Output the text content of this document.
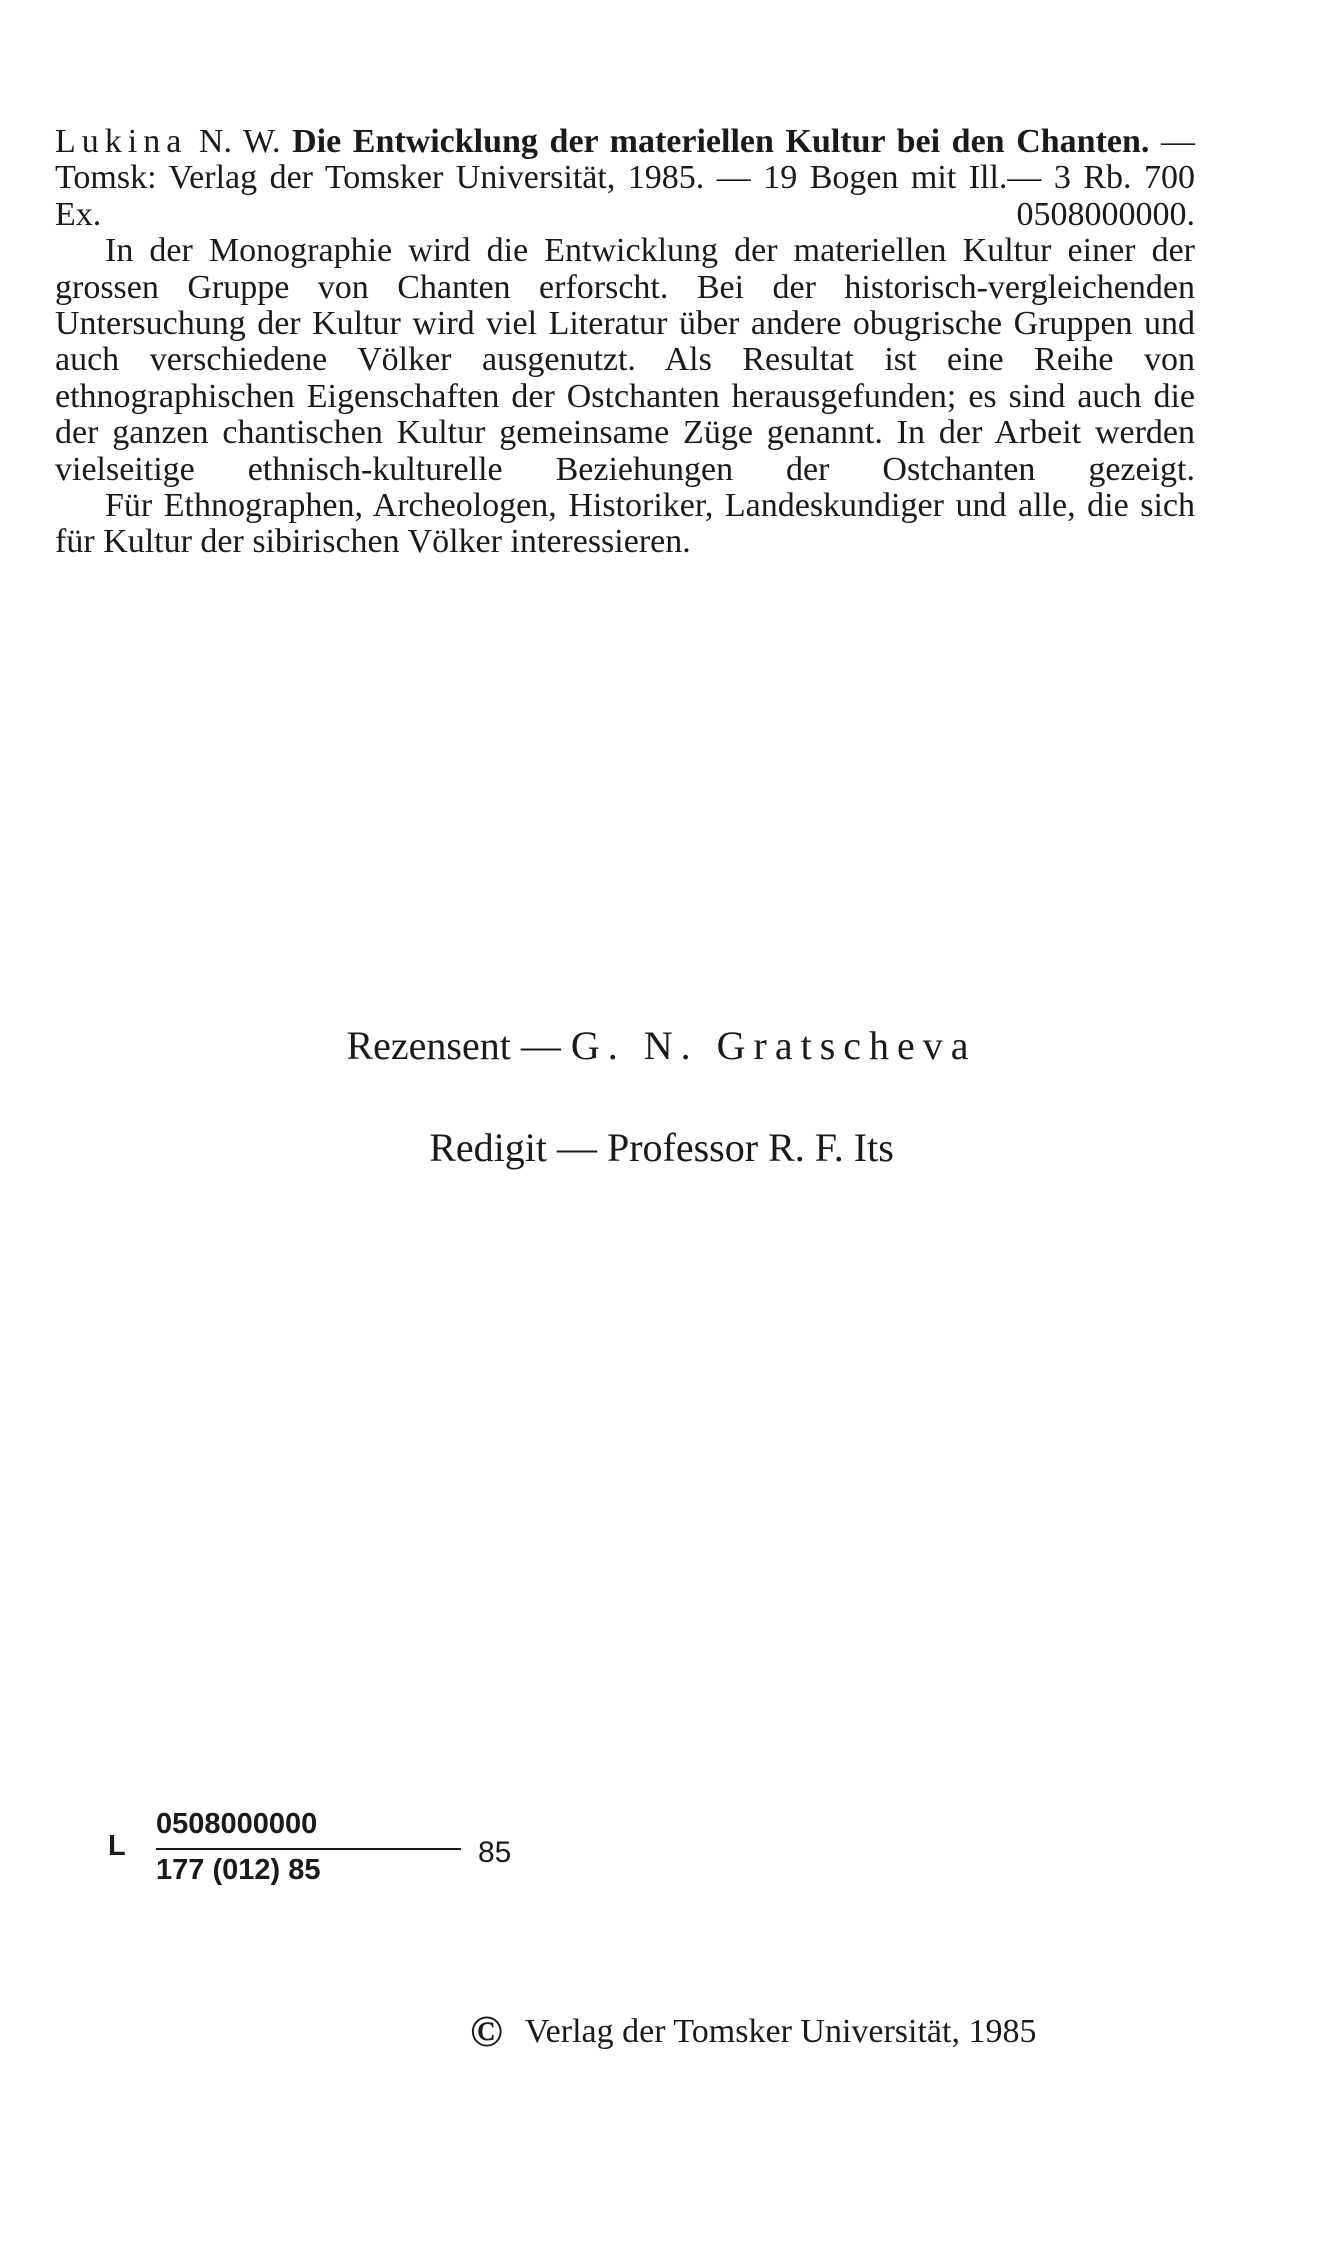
Lukina N. W. Die Entwicklung der materiellen Kultur bei den Chanten. — Tomsk: Verlag der Tomsker Universität, 1985. — 19 Bogen mit Ill.— 3 Rb. 700 Ex. 0508000000.

In der Monographie wird die Entwicklung der materiellen Kultur einer der grossen Gruppe von Chanten erforscht. Bei der historisch-vergleichenden Untersuchung der Kultur wird viel Literatur über andere obugrische Gruppen und auch verschiedene Völker ausgenutzt. Als Resultat ist eine Reihe von ethnographischen Eigenschaften der Ostchanten herausgefunden; es sind auch die der ganzen chantischen Kultur gemeinsame Züge genannt. In der Arbeit werden vielseitige ethnisch-kulturelle Beziehungen der Ostchanten gezeigt.

Für Ethnographen, Archeologen, Historiker, Landeskundiger und alle, die sich für Kultur der sibirischen Völker interessieren.

Rezensent — G. N. Gratscheva
Redigit — Professor R. F. Its
L
0508000000
177 (012) 85
85
© Verlag der Tomsker Universität, 1985
